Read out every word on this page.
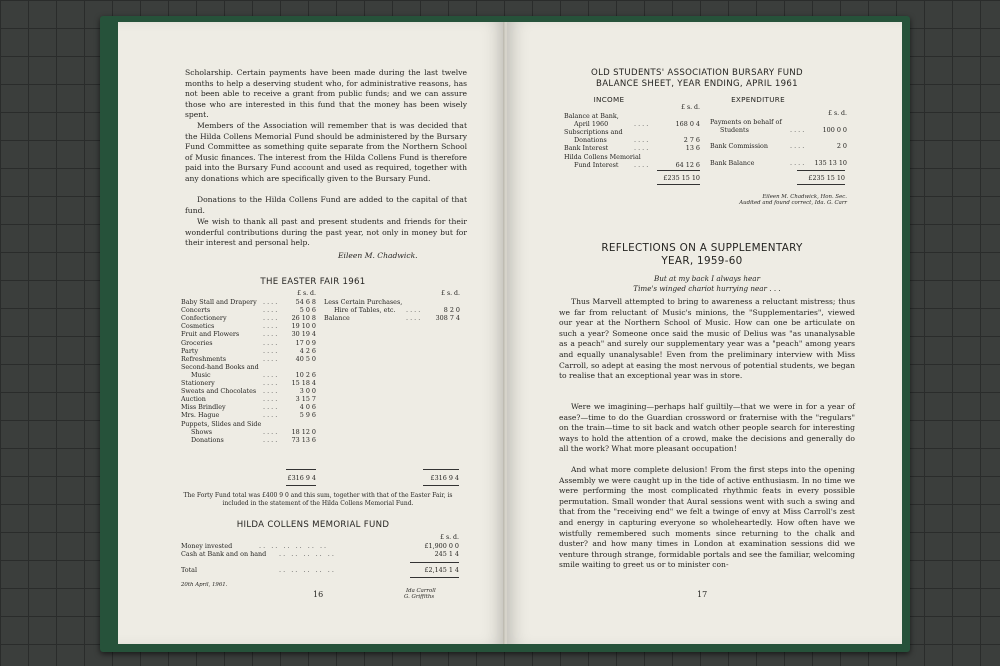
Scholarship. Certain payments have been made during the last twelve months to help a deserving student who, for administrative reasons, has not been able to receive a grant from public funds; and we can assure those who are interested in this fund that the money has been wisely spent.

Members of the Association will remember that is was decided that the Hilda Collens Memorial Fund should be administered by the Bursary Fund Committee as something quite separate from the Northern School of Music finances. The interest from the Hilda Collens Fund is therefore paid into the Bursary Fund account and used as required, together with any donations which are specifically given to the Bursary Fund.

Donations to the Hilda Collens Fund are added to the capital of that fund.

We wish to thank all past and present students and friends for their wonderful contributions during the past year, not only in money but for their interest and personal help.

Eileen M. Chadwick.
THE EASTER FAIR 1961
£ s. d.
Baby Stall and Drapery . . . .	54 6 8
Concerts	. . . .	5 0 6
Confectionery	. . . . 26 10 8
Cosmetics	. . . . 19 10 0
Fruit and Flowers	. . . . 30 19 4
Groceries	. . . .	17 0 9
Party	. . . .	4 2 6
Refreshments	. . . .	40 5 0
Second-hand Books and
Music	. . . .	10 2 6
Stationery	. . . . 15 18 4
Sweats and Chocolates . . . .	3 0 0
Auction	. . . .	3 15 7
Miss Brindley	. . . .	4 0 6
Mrs. Hague	. . . .	5 9 6
Puppets, Slides and Side
Shows	. . . . 18 12 0
Donations	. . . . 73 13 6
£ s. d.
Less Certain Purchases,
Hire of Tables, etc. . . . .	8 2 0
Balance	. . . . 308 7 4
£316 9 4	£316 9 4
The Forty Fund total was £400 9 0 and this sum, together with that of the Easter Fair, is included in the statement of the Hilda Collens Memorial Fund.
HILDA COLLENS MEMORIAL FUND
£ s. d.
Money invested	. .   . .   . .   . .   . .   . .	£1,900 0 0
Cash at Bank and on hand . .   . .   . .   . .   . .	245 1 4
Total	. .   . .   . .   . .   . .	£2,145 1 4
20th April, 1961.
Ida Carroll
G. Griffiths
16
OLD STUDENTS' ASSOCIATION BURSARY FUND
BALANCE SHEET, YEAR ENDING, APRIL 1961
INCOME	EXPENDITURE
£ s. d.
Balance at Bank,
April 1960	. . . .	168 0 4
Subscriptions and
Donations	. . . .	2 7 6
Bank Interest	. . . .	13 6
Hilda Collens Memorial
Fund Interest . . . .	64 12 6
£ s. d.
Payments on behalf of
Students	. . . .	100 0 0
Bank Commission	. . . .	2 0
Bank Balance	. . . . 135 13 10
£235 15 10	£235 15 10
Eileen M. Chadwick, Hon. Sec.
Audited and found correct, Ida. G. Carr
REFLECTIONS ON A SUPPLEMENTARY
YEAR, 1959-60
But at my back I always hear
Time's winged chariot hurrying near . . .

Thus Marvell attempted to bring to awareness a reluctant mistress; thus we far from reluctant of Music's minions, the "Supplementaries", viewed our year at the Northern School of Music. How can one be articulate on such a year? Someone once said the music of Delius was "as unanalysable as a peach" and surely our supplementary year was a "peach" among years and equally unanalysable! Even from the preliminary interview with Miss Carroll, so adept at easing the most nervous of potential students, we began to realise that an exceptional year was in store.

Were we imagining—perhaps half guiltily—that we were in for a year of ease?—time to do the Guardian crossword or fraternise with the "regulars" on the train—time to sit back and watch other people search for interesting ways to hold the attention of a crowd, make the decisions and generally do all the work? What more pleasant occupation!

And what more complete delusion! From the first steps into the opening Assembly we were caught up in the tide of active enthusiasm. In no time we were performing the most complicated rhythmic feats in every possible permutation. Small wonder that Aural sessions went with such a swing and that from the "receiving end" we felt a twinge of envy at Miss Carroll's zest and energy in capturing everyone so wholeheartedly. How often have we wistfully remembered such moments since returning to the chalk and duster? and how many times in London at examination sessions did we venture through strange, formidable portals and see the familiar, welcoming smile waiting to greet us or to minister con-

17
